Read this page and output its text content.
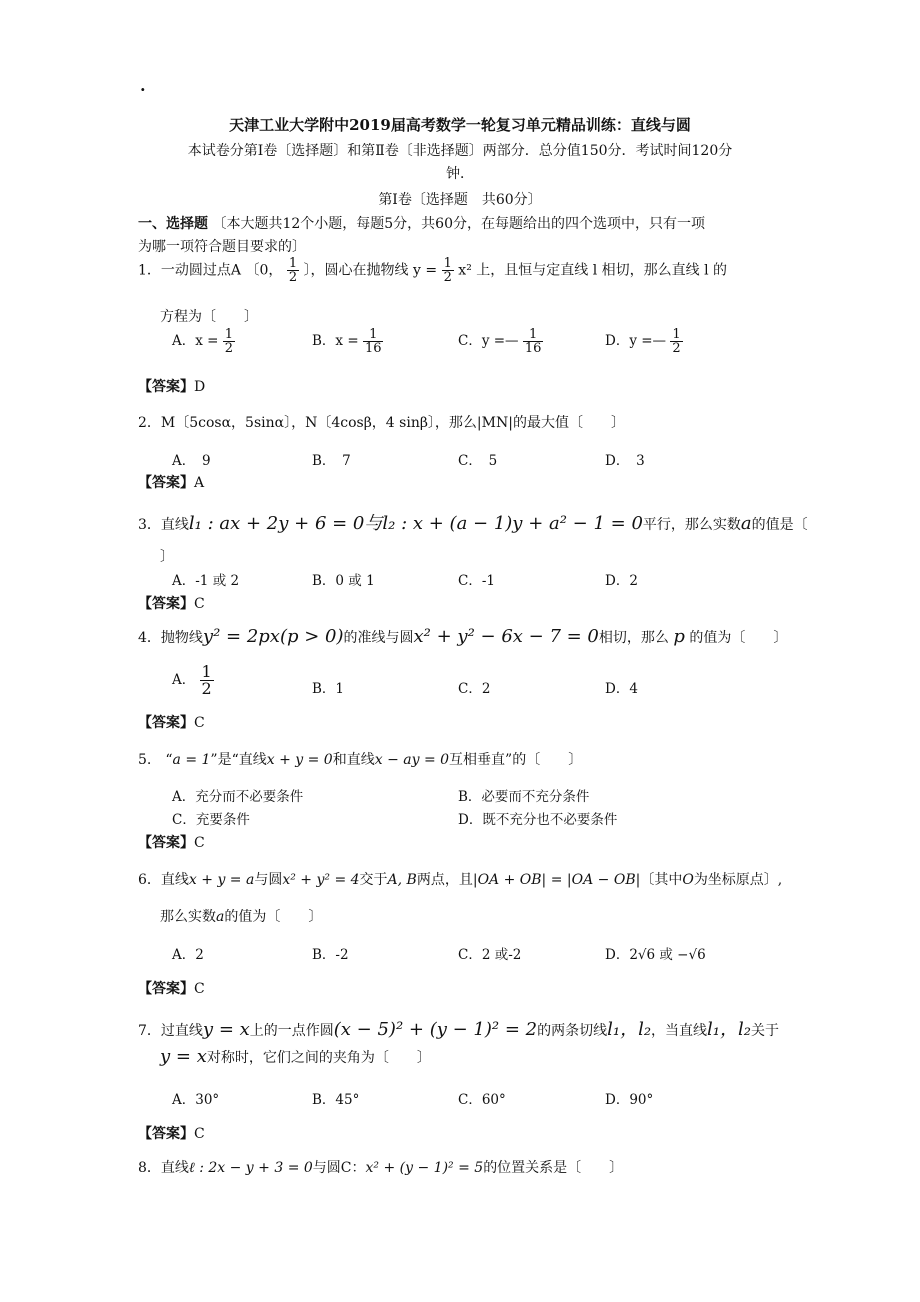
.
天津工业大学附中2019届高考数学一轮复习单元精品训练：直线与圆
本试卷分第Ⅰ卷〔选择题〕和第Ⅱ卷〔非选择题〕两部分．总分值150分．考试时间120分
钟．
第Ⅰ卷〔选择题　共60分〕
一、选择题 〔本大题共12个小题，每题5分，共60分，在每题给出的四个选项中，只有一项
为哪一项符合题目要求的〕
1．一动圆过点A 〔0， $\frac{1}{2}$ 〕，圆心在抛物线 $y = \frac{1}{2} x^2$ 上，且恒与定直线 l 相切，那么直线 l 的
方程为〔　　〕
A．$x = \frac{1}{2}$	B．$x = \frac{1}{16}$	C．y =— $\frac{1}{16}$	D．y =— $\frac{1}{2}$
【答案】D
2．M〔5cosα，5sinα〕，N〔4cosβ，4 sinβ〕，那么|MN|的最大值〔　　〕
A．　9	B．　7	C．　5	D．　3
【答案】A
3．直线l₁ : ax + 2y + 6 = 0与l₂ : x + (a − 1)y + a² − 1 = 0平行，那么实数a的值是〔
〕
A．-1 或 2	B．0 或 1	C．-1	D．2
【答案】C
4．抛物线y² = 2px(p > 0)的准线与圆x² + y² − 6x − 7 = 0相切，那么 p 的值为〔　　〕
A． $\frac{1}{2}$	B．1	C．2	D．4
【答案】C
5.　“a = 1”是“直线x + y = 0和直线x − ay = 0互相垂直”的〔　　〕
A．充分而不必要条件	B．必要而不充分条件
C．充要条件	D．既不充分也不必要条件
【答案】C
6．直线x + y = a与圆x² + y² = 4交于A, B两点，且|OA + OB| = |OA − OB|〔其中O为坐标原点〕,
那么实数a的值为〔　　〕
A．2	B．-2	C．2 或-2	D．2√6 或 −√6
【答案】C
7．过直线y = x上的一点作圆(x − 5)² + (y − 1)² = 2的两条切线l₁，l₂，当直线l₁，l₂关于
y = x对称时，它们之间的夹角为〔　　〕
A．30°	B．45°	C．60°	D．90°
【答案】C
8．直线ℓ : 2x − y + 3 = 0与圆C：x² + (y − 1)² = 5的位置关系是〔　　〕
